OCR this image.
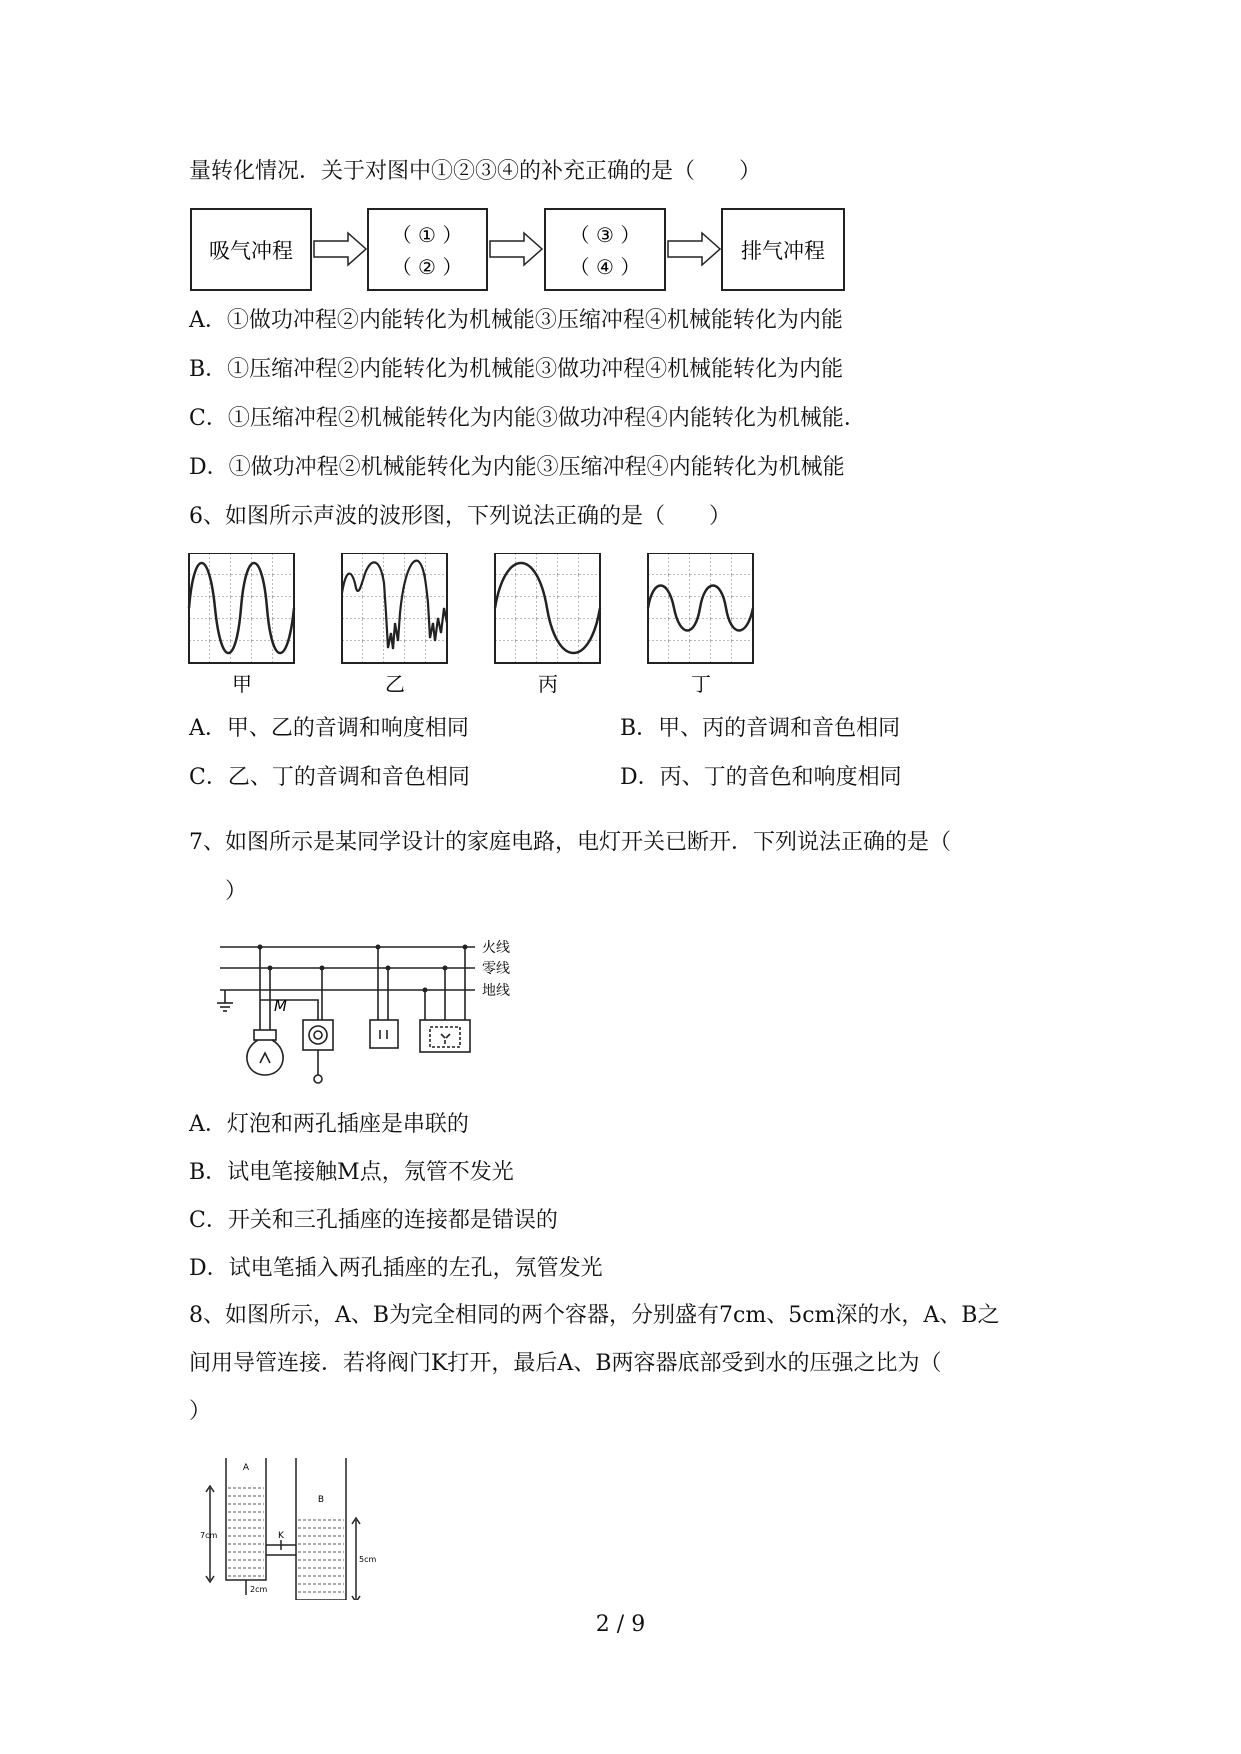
量转化情况．关于对图中①②③④的补充正确的是（　　）
吸气冲程
（ ① ）
（ ② ）
（ ③ ）
（ ④ ）
排气冲程
A．①做功冲程②内能转化为机械能③压缩冲程④机械能转化为内能
B．①压缩冲程②内能转化为机械能③做功冲程④机械能转化为内能
C．①压缩冲程②机械能转化为内能③做功冲程④内能转化为机械能．
D．①做功冲程②机械能转化为内能③压缩冲程④内能转化为机械能
6、如图所示声波的波形图，下列说法正确的是（　　）
甲	乙	丙	丁
A．甲、乙的音调和响度相同	B．甲、丙的音调和音色相同
C．乙、丁的音调和音色相同	D．丙、丁的音色和响度相同
7、如图所示是某同学设计的家庭电路，电灯开关已断开．下列说法正确的是（
）
火线
零线
地线
M
A．灯泡和两孔插座是串联的
B．试电笔接触M点，氖管不发光
C．开关和三孔插座的连接都是错误的
D．试电笔插入两孔插座的左孔，氖管发光
8、如图所示，A、B为完全相同的两个容器，分别盛有7cm、5cm深的水，A、B之
间用导管连接．若将阀门K打开，最后A、B两容器底部受到水的压强之比为（
）
A
B
K
7cm
5cm
2cm
2 / 9
